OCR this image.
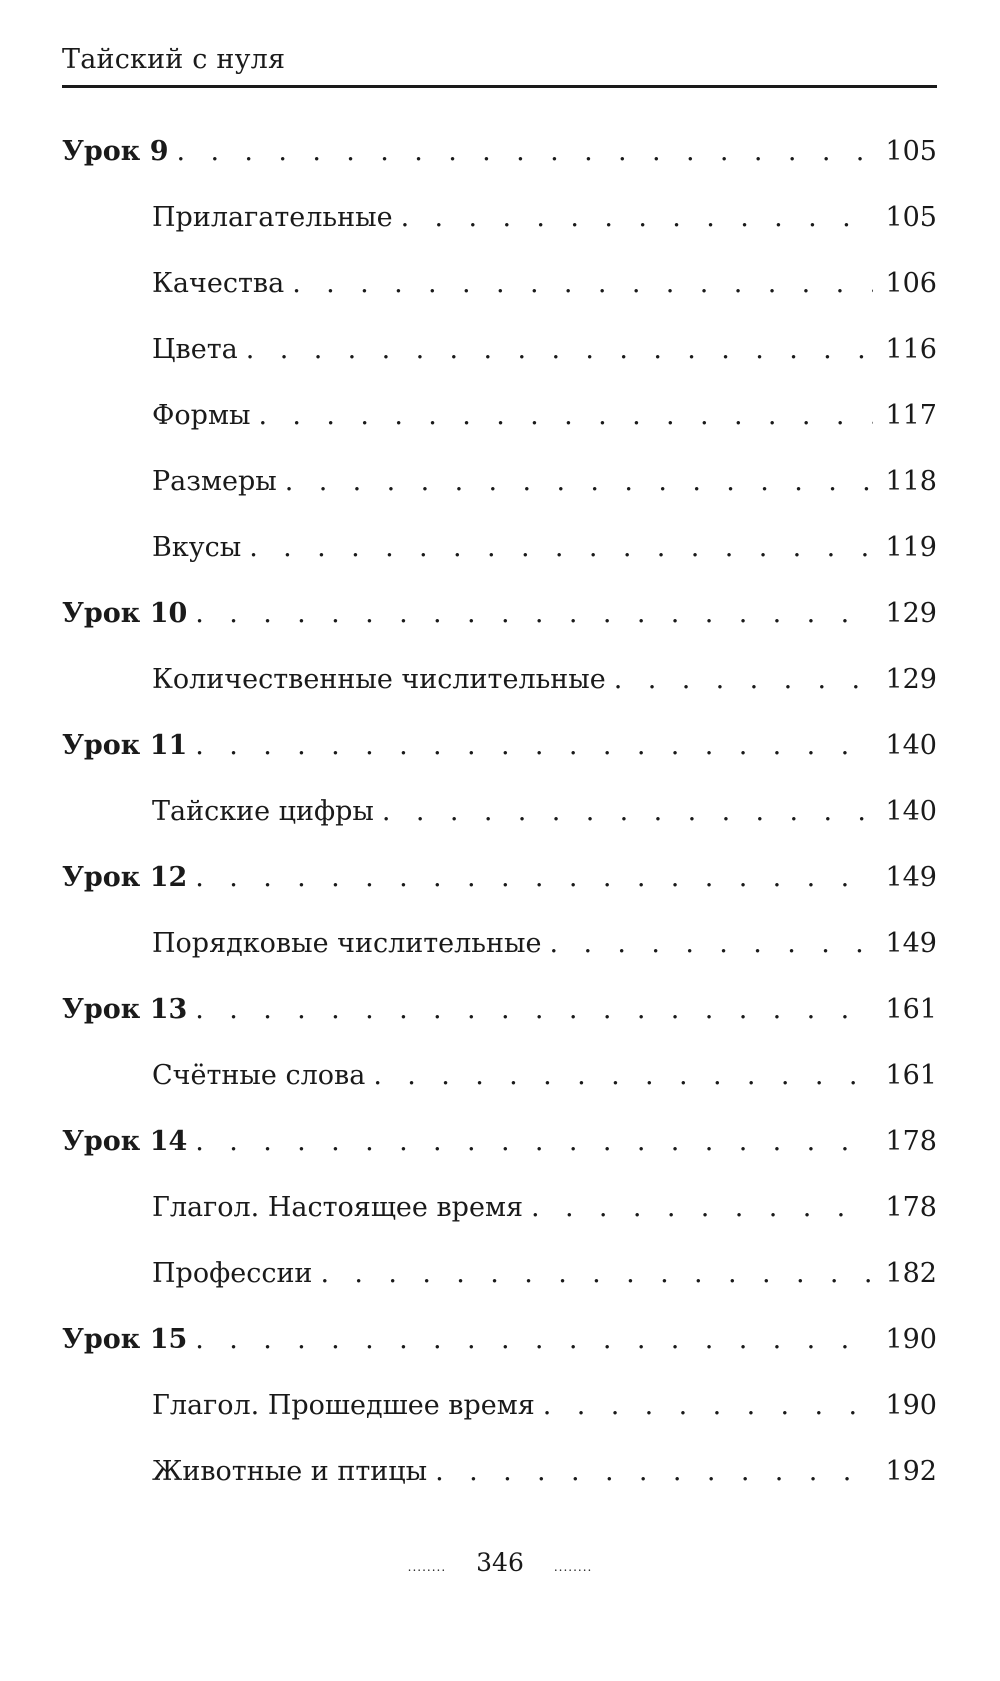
Тайский с нуля
Урок 9 . . .	105
Прилагательные . . .	105
Качества . . .	106
Цвета . . .	116
Формы . . .	117
Размеры . . .	118
Вкусы . . .	119
Урок 10 . . .	129
Количественные числительные . . .	129
Урок 11 . . .	140
Тайские цифры . . .	140
Урок 12 . . .	149
Порядковые числительные . . .	149
Урок 13 . . .	161
Счётные слова . . .	161
Урок 14 . . .	178
Глагол. Настоящее время . . .	178
Профессии . . .	182
Урок 15 . . .	190
Глагол. Прошедшее время . . .	190
Животные и птицы . . .	192
........ 346	........
